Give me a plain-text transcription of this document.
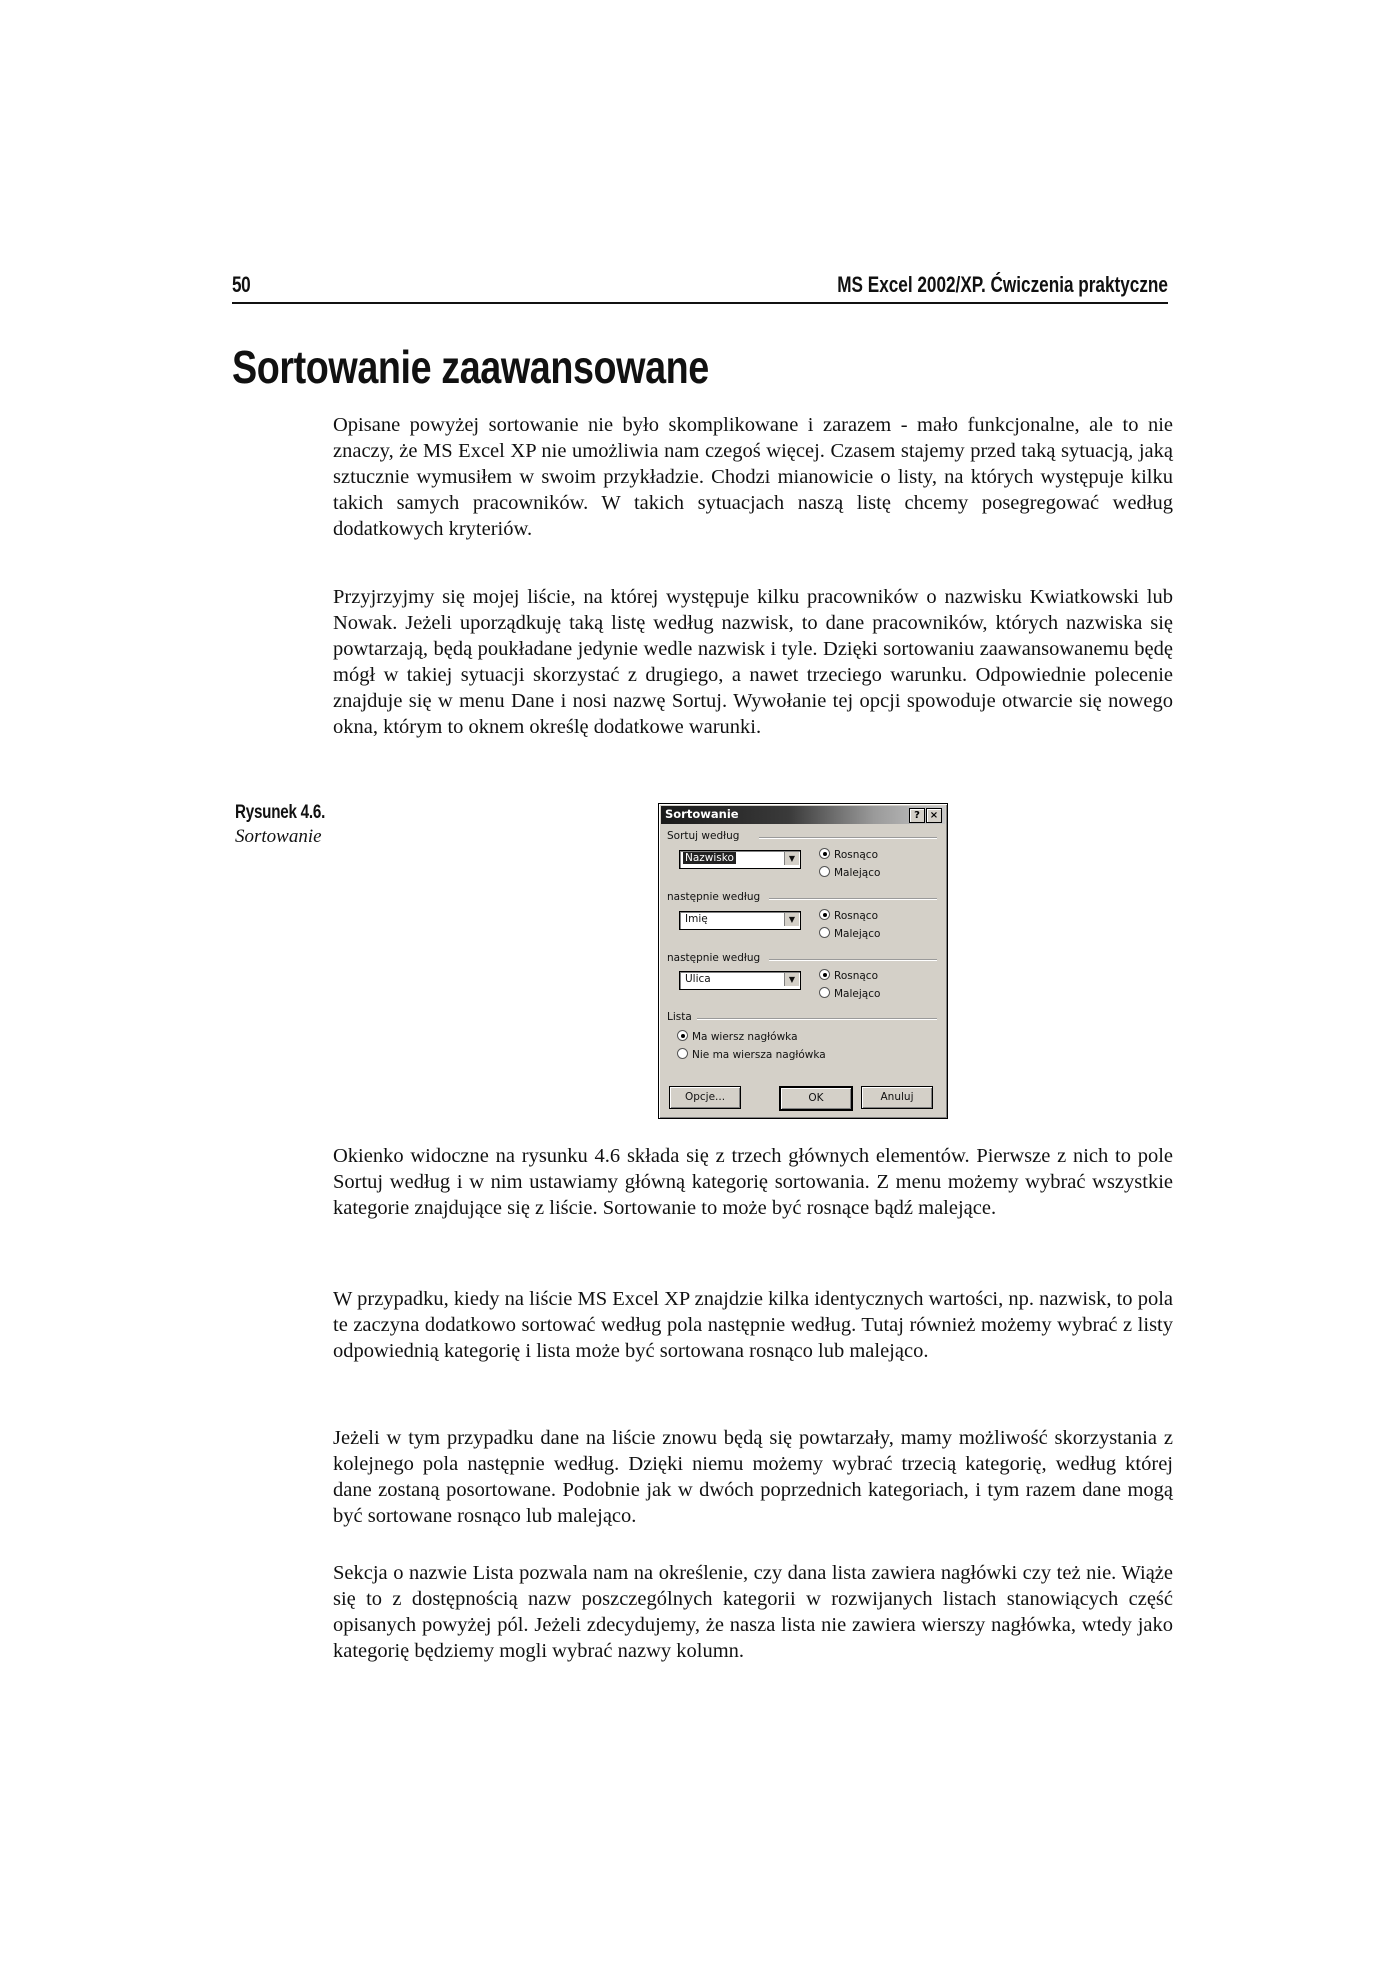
50	MS Excel 2002/XP. Ćwiczenia praktyczne
Sortowanie zaawansowane

Opisane powyżej sortowanie nie było skomplikowane i zarazem - mało funkcjonalne, ale to nie znaczy, że MS Excel XP nie umożliwia nam czegoś więcej. Czasem stajemy przed taką sytuacją, jaką sztucznie wymusiłem w swoim przykładzie. Chodzi mianowicie o listy, na których występuje kilku takich samych pracowników. W takich sytuacjach naszą listę chcemy posegregować według dodatkowych kryteriów.

Przyjrzyjmy się mojej liście, na której występuje kilku pracowników o nazwisku Kwiatkowski lub Nowak. Jeżeli uporządkuję taką listę według nazwisk, to dane pracowników, których nazwiska się powtarzają, będą poukładane jedynie wedle nazwisk i tyle. Dzięki sortowaniu zaawansowanemu będę mógł w takiej sytuacji skorzystać z drugiego, a nawet trzeciego warunku. Odpowiednie polecenie znajduje się w menu Dane i nosi nazwę Sortuj. Wywołanie tej opcji spowoduje otwarcie się nowego okna, którym to oknem określę dodatkowe warunki.

Rysunek 4.6.
Sortowanie
Sortowanie	? ×
Sortuj według
Nazwisko	▼	Rosnąco
Malejąco
następnie według
Imię	▼	Rosnąco
Malejąco
następnie według
Ulica	▼	Rosnąco
Malejąco
Lista
Ma wiersz nagłówka
Nie ma wiersza nagłówka
Opcje...	OK	Anuluj

Okienko widoczne na rysunku 4.6 składa się z trzech głównych elementów. Pierwsze z nich to pole Sortuj według i w nim ustawiamy główną kategorię sortowania. Z menu możemy wybrać wszystkie kategorie znajdujące się z liście. Sortowanie to może być rosnące bądź malejące.

W przypadku, kiedy na liście MS Excel XP znajdzie kilka identycznych wartości, np. nazwisk, to pola te zaczyna dodatkowo sortować według pola następnie według. Tutaj również możemy wybrać z listy odpowiednią kategorię i lista może być sortowana rosnąco lub malejąco.

Jeżeli w tym przypadku dane na liście znowu będą się powtarzały, mamy możliwość skorzystania z kolejnego pola następnie według. Dzięki niemu możemy wybrać trzecią kategorię, według której dane zostaną posortowane. Podobnie jak w dwóch poprzednich kategoriach, i tym razem dane mogą być sortowane rosnąco lub malejąco.

Sekcja o nazwie Lista pozwala nam na określenie, czy dana lista zawiera nagłówki czy też nie. Wiąże się to z dostępnością nazw poszczególnych kategorii w rozwijanych listach stanowiących część opisanych powyżej pól. Jeżeli zdecydujemy, że nasza lista nie zawiera wierszy nagłówka, wtedy jako kategorię będziemy mogli wybrać nazwy kolumn.
